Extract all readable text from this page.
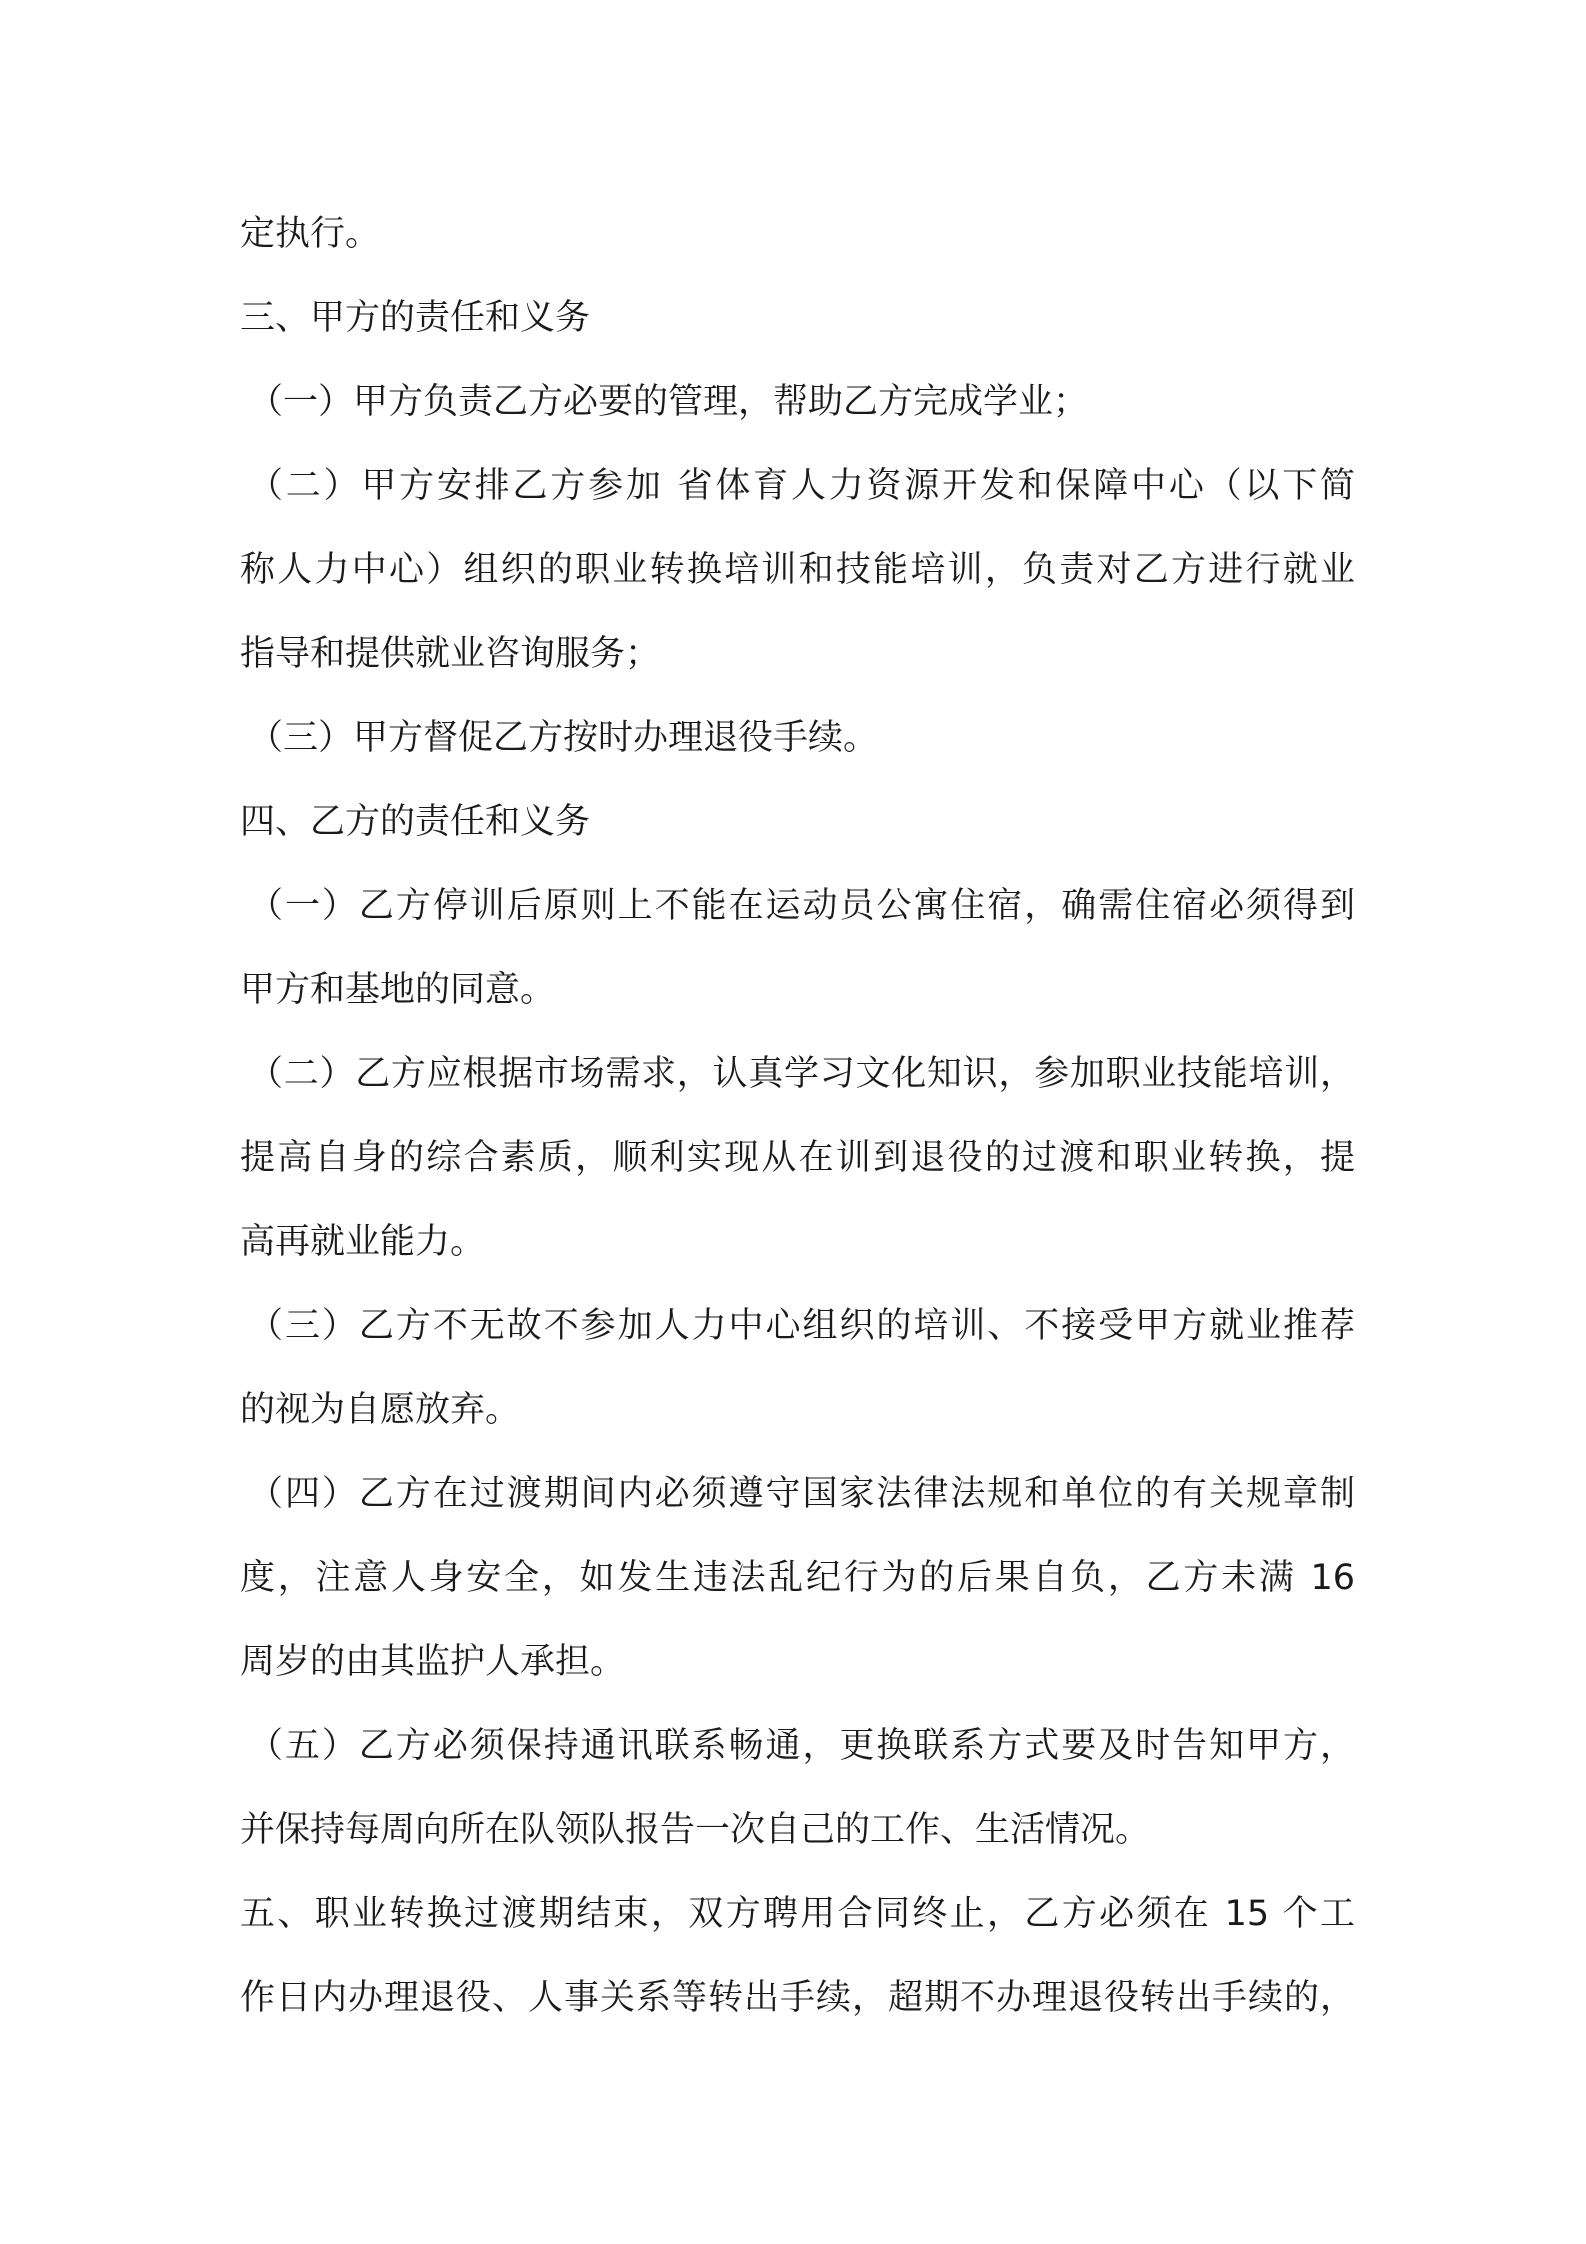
定执行。
三、甲方的责任和义务
（一）甲方负责乙方必要的管理，帮助乙方完成学业；
（二）甲方安排乙方参加 省体育人力资源开发和保障中心（以下简
称人力中心）组织的职业转换培训和技能培训，负责对乙方进行就业
指导和提供就业咨询服务；
（三）甲方督促乙方按时办理退役手续。
四、乙方的责任和义务
（一）乙方停训后原则上不能在运动员公寓住宿，确需住宿必须得到
甲方和基地的同意。
（二）乙方应根据市场需求，认真学习文化知识，参加职业技能培训，
提高自身的综合素质，顺利实现从在训到退役的过渡和职业转换，提
高再就业能力。
（三）乙方不无故不参加人力中心组织的培训、不接受甲方就业推荐
的视为自愿放弃。
（四）乙方在过渡期间内必须遵守国家法律法规和单位的有关规章制
度，注意人身安全，如发生违法乱纪行为的后果自负，乙方未满 16
周岁的由其监护人承担。
（五）乙方必须保持通讯联系畅通，更换联系方式要及时告知甲方，
并保持每周向所在队领队报告一次自己的工作、生活情况。
五、职业转换过渡期结束，双方聘用合同终止，乙方必须在 15 个工
作日内办理退役、人事关系等转出手续，超期不办理退役转出手续的，
